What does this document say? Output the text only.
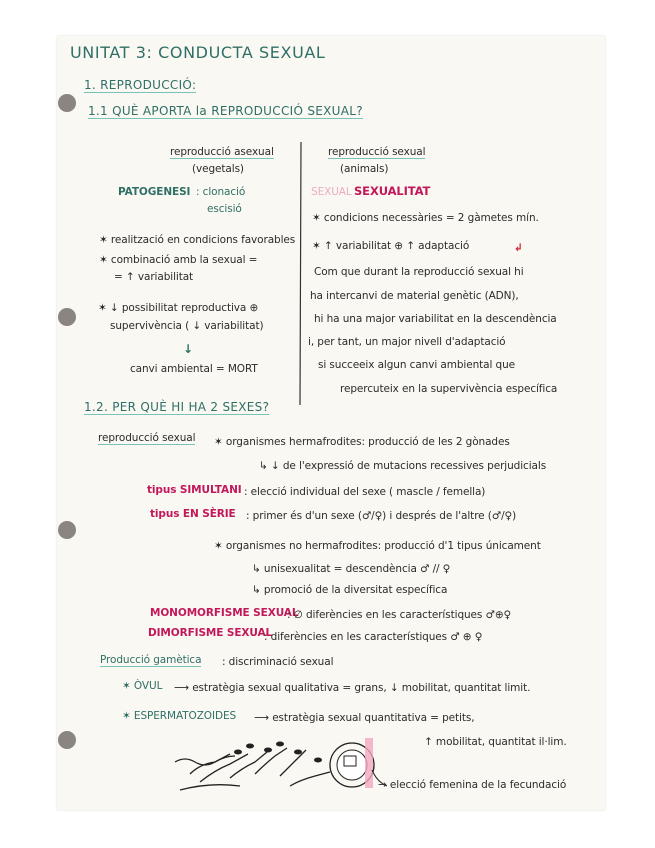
UNITAT 3: CONDUCTA SEXUAL
1. REPRODUCCIÓ:
1.1 QUÈ APORTA la REPRODUCCIÓ SEXUAL?
reproducció asexual
(vegetals)
PATOGENESI : clonació
escisió
✶ realització en condicions favorables
✶ combinació amb la sexual =
= ↑ variabilitat
✶ ↓ possibilitat reproductiva ⊕
supervivència ( ↓ variabilitat)
↓
canvi ambiental = MORT
reproducció sexual
(animals)
SEXUAL SEXUALITAT
✶ condicions necessàries = 2 gàmetes mín.
✶ ↑ variabilitat ⊕ ↑ adaptació	↲
Com que durant la reproducció sexual hi
ha intercanvi de material genètic (ADN),
hi ha una major variabilitat en la descendència
i, per tant, un major nivell d'adaptació
si succeeix algun canvi ambiental que
repercuteix en la supervivència específica
1.2. PER QUÈ HI HA 2 SEXES?
reproducció sexual ✶ organismes hermafrodites: producció de les 2 gònades
↳ ↓ de l'expressió de mutacions recessives perjudicials
tipus SIMULTANI : elecció individual del sexe ( mascle / femella)
tipus EN SÈRIE : primer és d'un sexe (♂/♀) i després de l'altre (♂/♀)
✶ organismes no hermafrodites: producció d'1 tipus únicament
↳ unisexualitat = descendència ♂ // ♀
↳ promoció de la diversitat específica
MONOMORFISME SEXUAL
: ∅ diferències en les característiques ♂⊕♀
DIMORFISME SEXUAL
: diferències en les característiques ♂ ⊕ ♀
Producció gamètica : discriminació sexual
✶ ÒVUL ⟶ estratègia sexual qualitativa = grans, ↓ mobilitat, quantitat limit.
✶ ESPERMATOZOIDES ⟶ estratègia sexual quantitativa = petits,
↑ mobilitat, quantitat il·lim.
→ elecció femenina de la fecundació
